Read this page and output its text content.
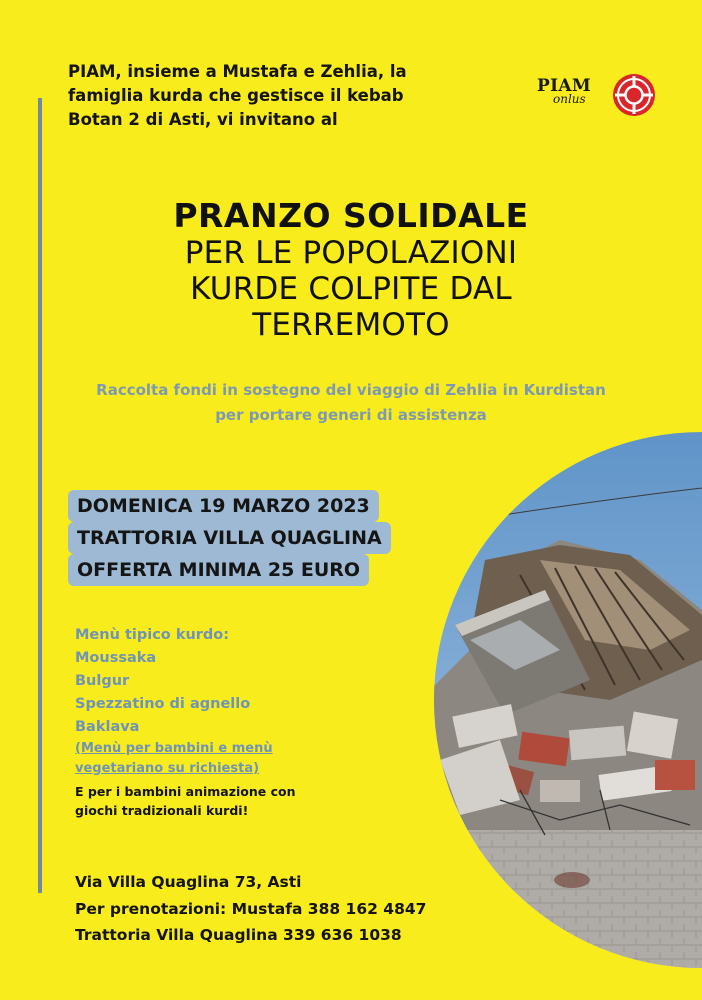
PIAM, insieme a Mustafa e Zehlia, la
famiglia kurda che gestisce il kebab
Botan 2 di Asti, vi invitano al
PIAM
onlus
PRANZO SOLIDALE
PER LE POPOLAZIONI
KURDE COLPITE DAL
TERREMOTO
Raccolta fondi in sostegno del viaggio di Zehlia in Kurdistan
per portare generi di assistenza
DOMENICA 19 MARZO 2023
TRATTORIA VILLA QUAGLINA
OFFERTA MINIMA 25 EURO
Menù tipico kurdo:
Moussaka
Bulgur
Spezzatino di agnello
Baklava
(Menù per bambini e menù
vegetariano su richiesta)
E per i bambini animazione con
giochi tradizionali kurdi!
Via Villa Quaglina 73, Asti
Per prenotazioni: Mustafa 388 162 4847
Trattoria Villa Quaglina 339 636 1038
